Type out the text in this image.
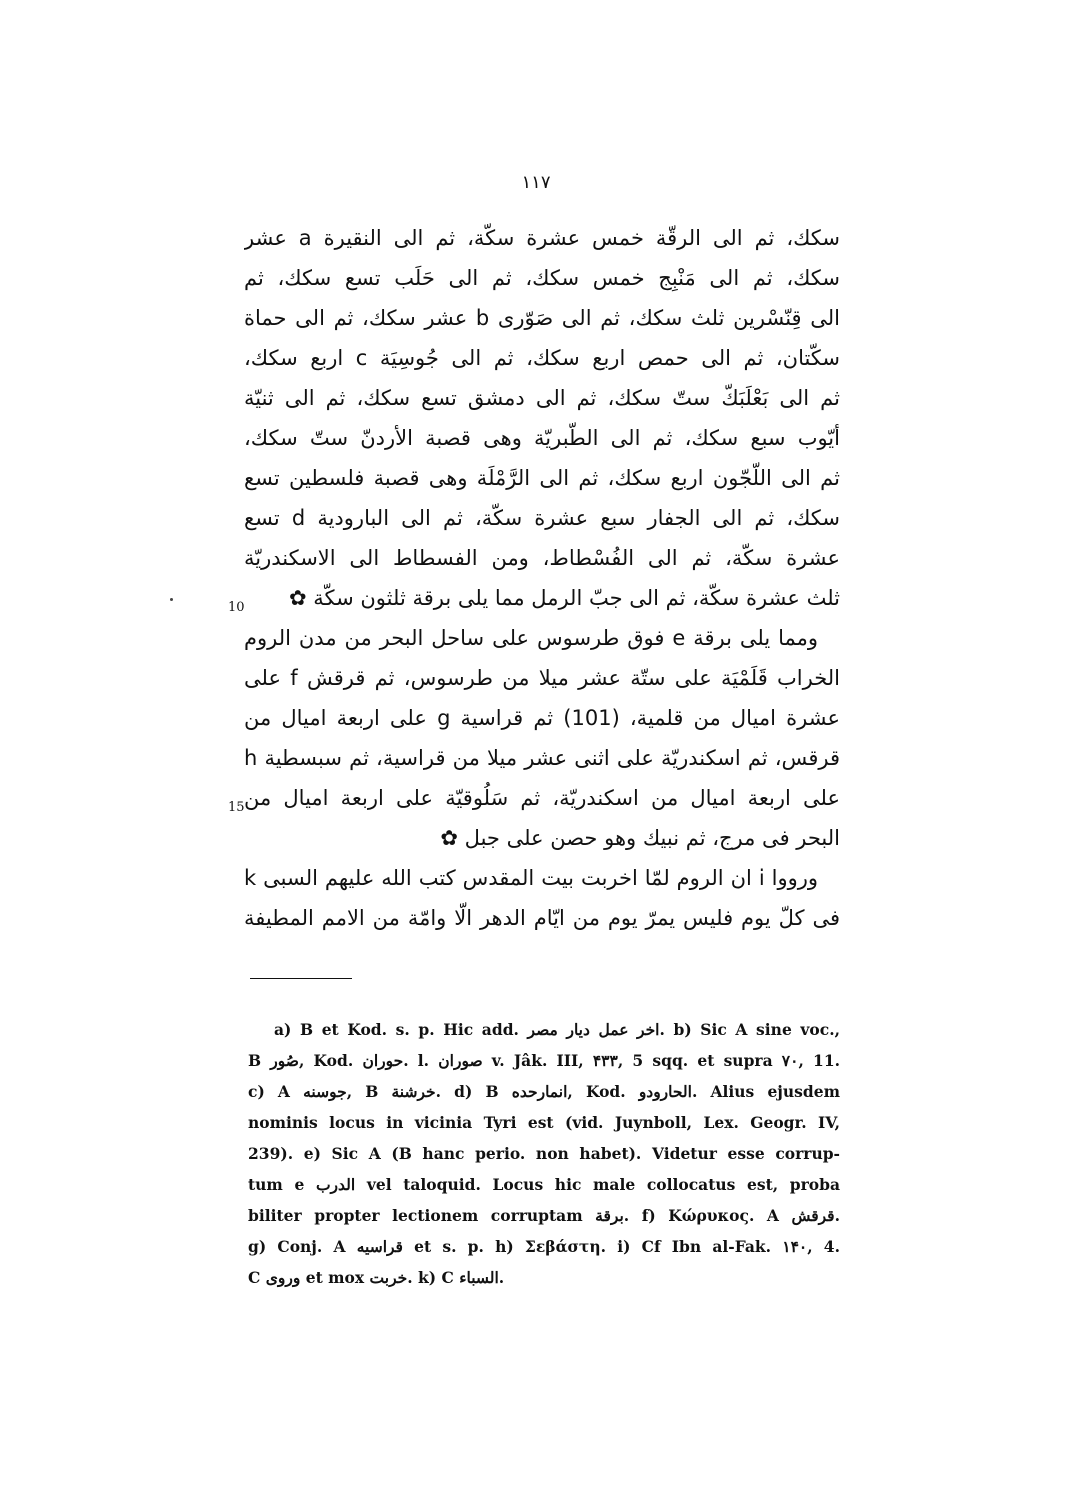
۱۱۷
سكك، ثم الى الرقّة خمس عشرة سكّة، ثم الى النقيرة a عشر
سكك، ثم الى مَنْبِج خمس سكك، ثم الى حَلَب تسع سكك، ثم
الى قِنّسْرين ثلث سكك، ثم الى صَوّرى b عشر سكك، ثم الى حماة
سكّتان، ثم الى حمص اربع سكك، ثم الى جُوسِيَة c اربع سكك،
ثم الى بَعْلَبَكّ ستّ سكك، ثم الى دمشق تسع سكك، ثم الى ثنيّة
أيّوب سبع سكك، ثم الى الطّبريّة وهى قصبة الأردنّ ستّ سكك،
ثم الى اللّجّون اربع سكك، ثم الى الرَّمْلَة وهى قصبة فلسطين تسع
سكك، ثم الى الجفار سبع عشرة سكّة، ثم الى البارودية d تسع
عشرة سكّة، ثم الى الفُسْطاط، ومن الفسطاط الى الاسكندريّة
ثلث عشرة سكّة، ثم الى جبّ الرمل مما يلى برقة ثلثون سكّة ✿
ومما يلى برقة e فوق طرسوس على ساحل البحر من مدن الروم
الخراب قَلَمْيَة على ستّة عشر ميلا من طرسوس، ثم قرقش f على
عشرة اميال من قلمية، (101) ثم قراسية g على اربعة اميال من
قرقس، ثم اسكندريّة على اثنى عشر ميلا من قراسية، ثم سبسطية h
على اربعة اميال من اسكندريّة، ثم سَلُوقيّة على اربعة اميال من
البحر فى مرج، ثم نبيك وهو حصن على جبل ✿
ورووا i ان الروم لمّا اخربت بيت المقدس كتب الله عليهم السبى k
فى كلّ يوم فليس يمرّ يوم من ايّام الدهر الّا وامّة من الامم المطيفة
10
15
a) B et Kod. s. p. Hic add. اخر عمل ديار مصر. b) Sic A sine voc.,
B صُور, Kod. حوران. l. صوران v. Jâk. III, ۴۳۳, 5 sqq. et supra ۷۰, 11.
c) A جوسنه, B خرشنة. d) B انمارحده, Kod. الحارودو. Alius ejusdem
nominis locus in vicinia Tyri est (vid. Juynboll, Lex. Geogr. IV,
239). e) Sic A (B hanc perio. non habet). Videtur esse corrup-
tum e الدرب vel taloquid. Locus hic male collocatus est, proba
biliter propter lectionem corruptam برقة. f) Κώρυκος. A قرقش.
g) Conj. A قراسيه et s. p. h) Σεβάστη. i) Cf Ibn al-Fak. ۱۴۰, 4.
C وروى et mox خربت. k) C السباء.
